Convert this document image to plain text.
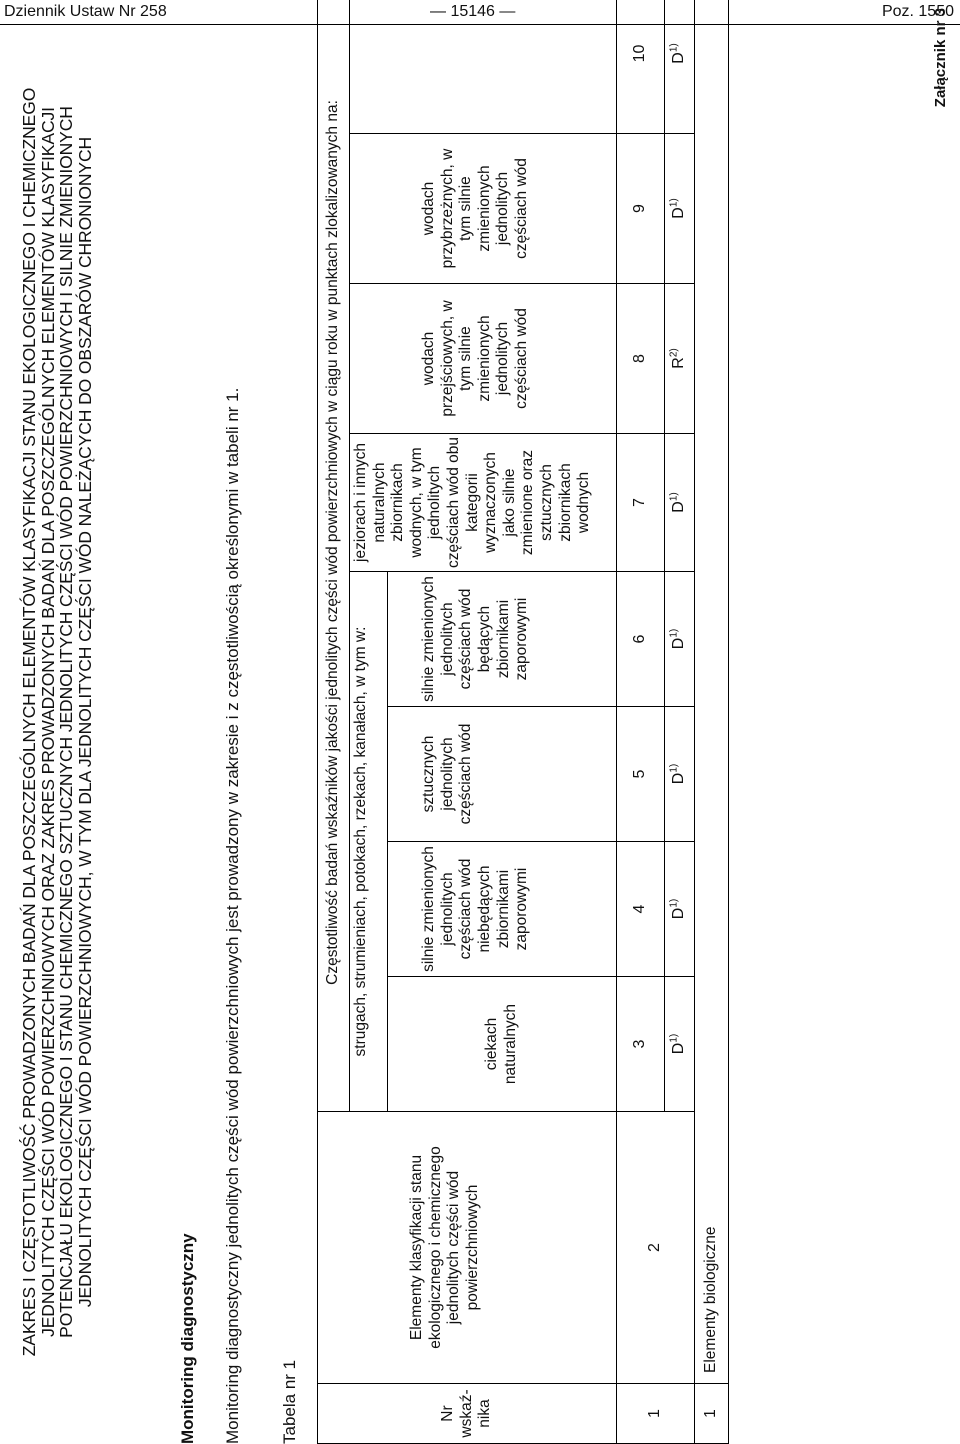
Dziennik Ustaw Nr 258	— 15146 —	Poz. 1550
Załącznik nr 3
ZAKRES I CZĘSTOTLIWOŚĆ PROWADZONYCH BADAŃ DLA POSZCZEGÓLNYCH ELEMENTÓW KLASYFIKACJI STANU EKOLOGICZNEGO I CHEMICZNEGO
JEDNOLITYCH CZĘŚCI WÓD POWIERZCHNIOWYCH ORAZ ZAKRES PROWADZONYCH BADAŃ DLA POSZCZEGÓLNYCH ELEMENTÓW KLASYFIKACJI
POTENCJAŁU EKOLOGICZNEGO I STANU CHEMICZNEGO SZTUCZNYCH JEDNOLITYCH CZĘŚCI WÓD POWIERZCHNIOWYCH I SILNIE ZMIENIONYCH
JEDNOLITYCH CZĘŚCI WÓD POWIERZCHNIOWYCH, W TYM DLA JEDNOLITYCH CZĘŚCI WÓD NALEŻĄCYCH DO OBSZARÓW CHRONIONYCH
Monitoring diagnostyczny Monitoring diagnostyczny jednolitych części wód powierzchniowych jest prowadzony w zakresie i z częstotliwością określonymi w tabeli nr 1. Tabela nr 1	Nr wskaź-nika	Elementy klasyfikacji stanu ekologicznego i chemicznego jednolitych części wód powierzchniowych	Częstotliwość badań wskaźników jakości jednolitych części wód powierzchniowych w ciągu roku w punktach zlokalizowanych na:							
		strugach, strumieniach, potokach, rzekach, kanałach, w tym w:				jeziorach i innych naturalnych zbiornikach wodnych, w tym jednolitych częściach wód obu kategorii wyznaczonych jako silnie zmienione oraz sztucznych zbiornikach wodnych	wodach przejściowych, w tym silnie zmienionych jednolitych częściach wód	wodach przybrzeżnych, w tym silnie zmienionych jednolitych częściach wód	
		ciekach naturalnych	silnie zmienionych jednolitych częściach wód niebędących zbiornikami zaporowymi	sztucznych jednolitych częściach wód	silnie zmienionych jednolitych częściach wód będących zbiornikami zaporowymi				
1	2	3	4	5	6	7	8	9	10
		$D^{1)}$	$D^{1)}$	$D^{1)}$	$D^{1)}$	$D^{1)}$	$R^{2)}$	$D^{1)}$	$D^{1)}$
1	Elementy biologiczne								
